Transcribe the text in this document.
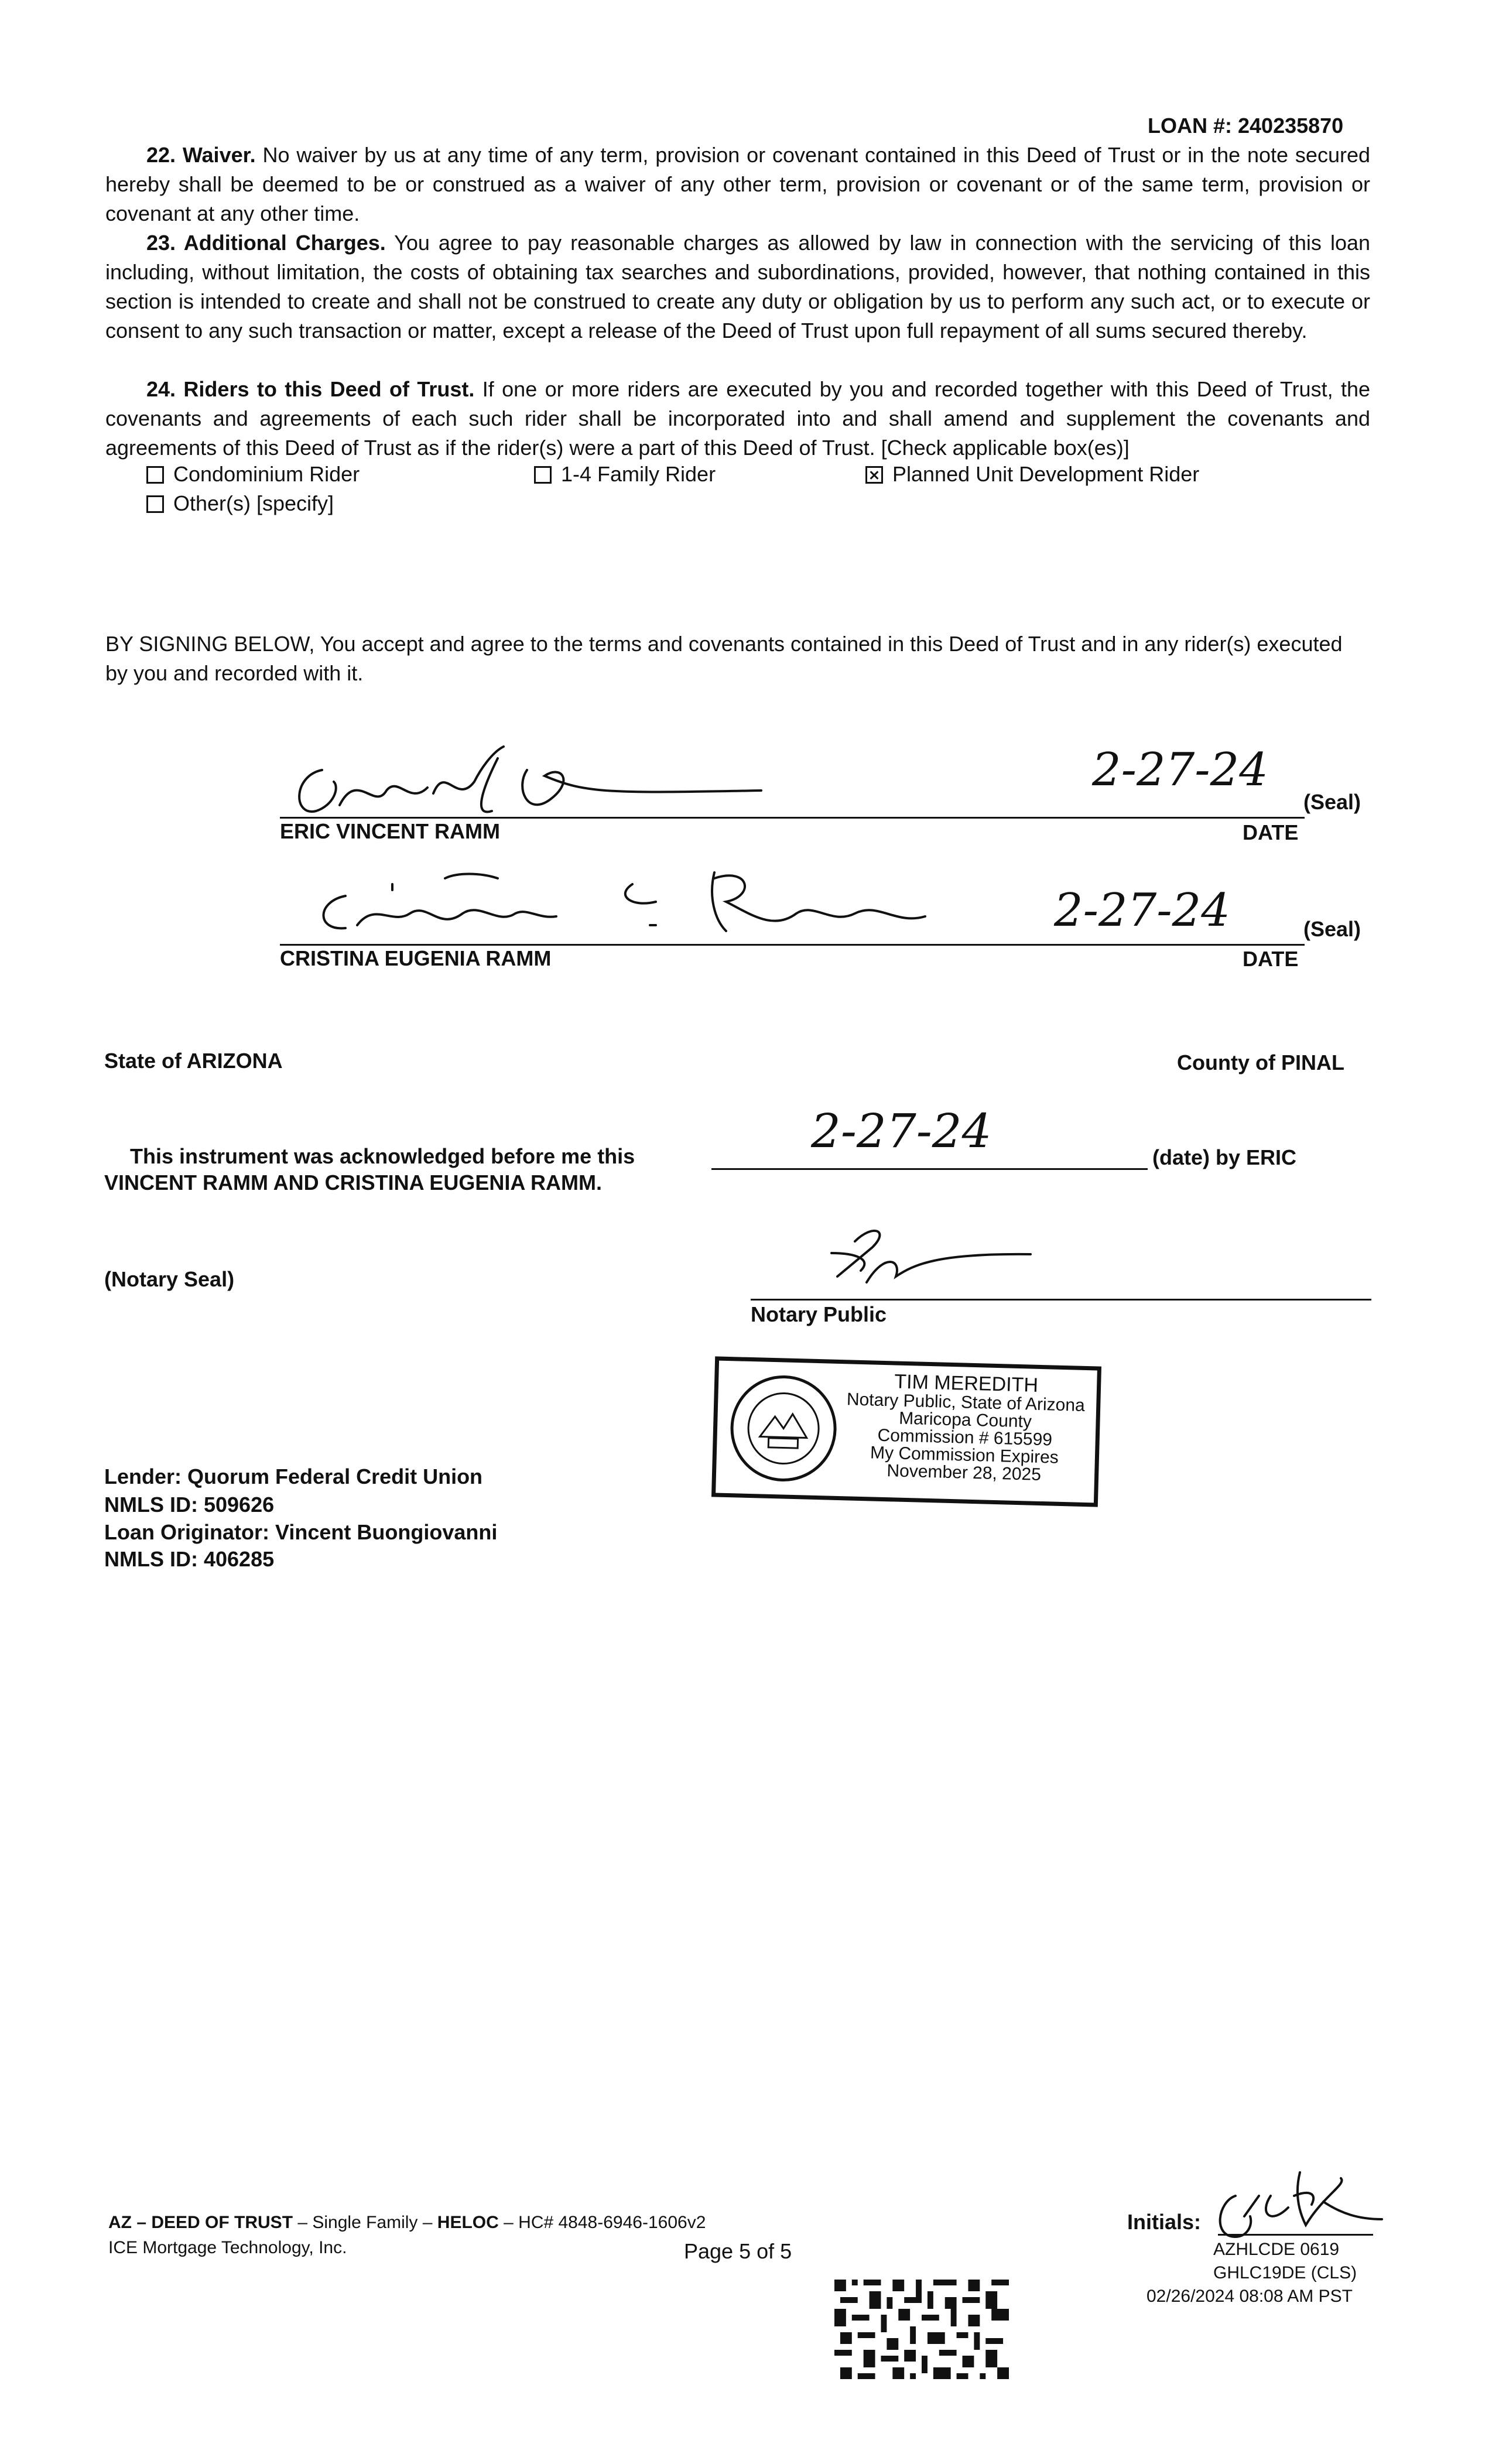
LOAN #: 240235870
22. Waiver. No waiver by us at any time of any term, provision or covenant contained in this Deed of Trust or in the note secured hereby shall be deemed to be or construed as a waiver of any other term, provision or covenant or of the same term, provision or covenant at any other time.
23. Additional Charges. You agree to pay reasonable charges as allowed by law in connection with the servicing of this loan including, without limitation, the costs of obtaining tax searches and subordinations, provided, however, that nothing contained in this section is intended to create and shall not be construed to create any duty or obligation by us to perform any such act, or to execute or consent to any such transaction or matter, except a release of the Deed of Trust upon full repayment of all sums secured thereby.
24. Riders to this Deed of Trust. If one or more riders are executed by you and recorded together with this Deed of Trust, the covenants and agreements of each such rider shall be incorporated into and shall amend and supplement the covenants and agreements of this Deed of Trust as if the rider(s) were a part of this Deed of Trust. [Check applicable box(es)]
Condominium Rider	1-4 Family Rider	Planned Unit Development Rider
Other(s) [specify]
BY SIGNING BELOW, You accept and agree to the terms and covenants contained in this Deed of Trust and in any rider(s) executed by you and recorded with it.
ERIC VINCENT RAMM
2-27-24
(Seal)
DATE
CRISTINA EUGENIA RAMM
2-27-24	(Seal)
DATE
State of ARIZONA	County of PINAL
This instrument was acknowledged before me this	2-27-24	(date) by ERIC
VINCENT RAMM AND CRISTINA EUGENIA RAMM.
(Notary Seal)
Notary Public
TIM MEREDITH
Notary Public, State of Arizona
Maricopa County
Commission # 615599
My Commission Expires
November 28, 2025
Lender: Quorum Federal Credit Union
NMLS ID: 509626
Loan Originator: Vincent Buongiovanni
NMLS ID: 406285
AZ – DEED OF TRUST – Single Family – HELOC – HC# 4848-6946-1606v2
ICE Mortgage Technology, Inc.	Page 5 of 5
Initials:
AZHLCDE 0619
GHLC19DE (CLS)
02/26/2024 08:08 AM PST
